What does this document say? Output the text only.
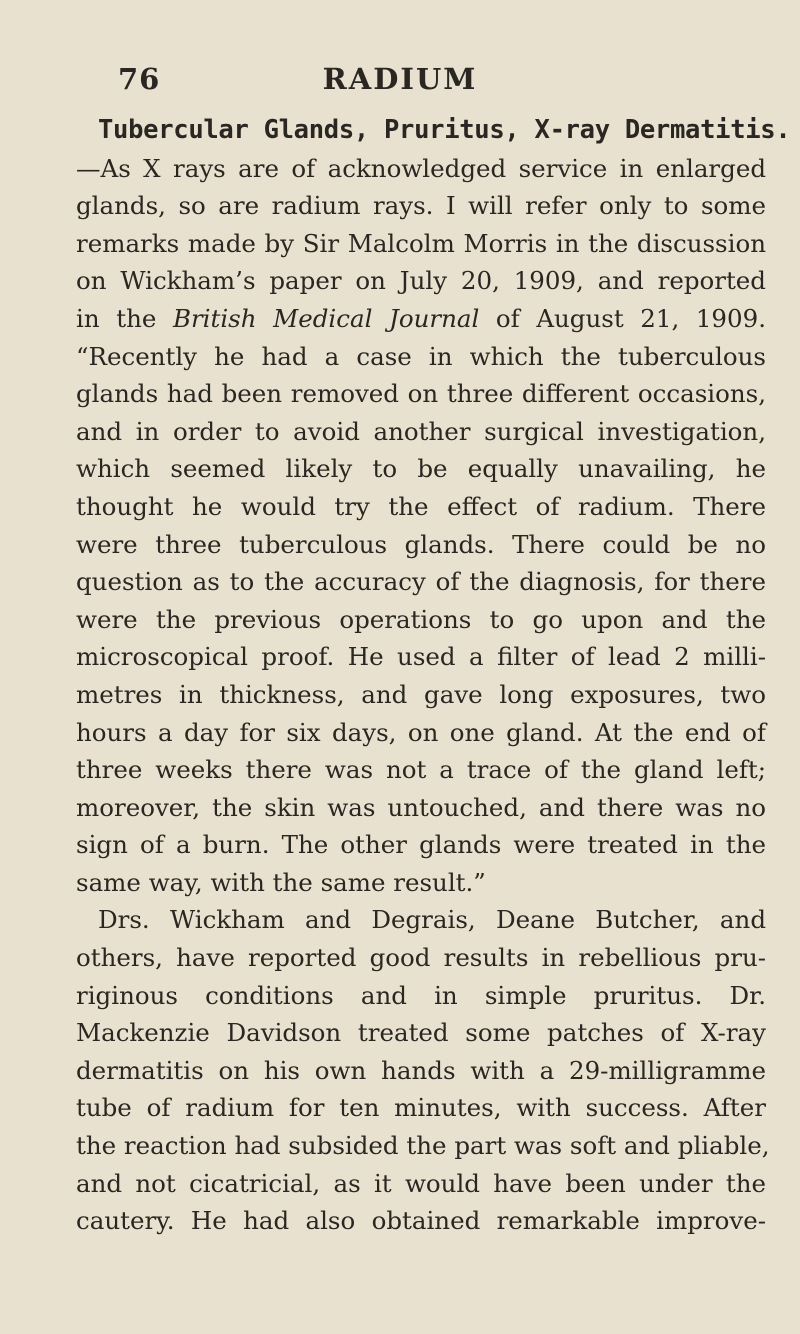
76	RADIUM
Tubercular Glands, Pruritus, X-ray Dermatitis.
—As X rays are of acknowledged service in enlarged
glands, so are radium rays. I will refer only to some
remarks made by Sir Malcolm Morris in the discussion
on Wickham’s paper on July 20, 1909, and reported
in the British Medical Journal of August 21, 1909.
“Recently he had a case in which the tuberculous
glands had been removed on three different occasions,
and in order to avoid another surgical investigation,
which seemed likely to be equally unavailing, he
thought he would try the effect of radium. There
were three tuberculous glands. There could be no
question as to the accuracy of the diagnosis, for there
were the previous operations to go upon and the
microscopical proof. He used a filter of lead 2 milli-
metres in thickness, and gave long exposures, two
hours a day for six days, on one gland. At the end of
three weeks there was not a trace of the gland left;
moreover, the skin was untouched, and there was no
sign of a burn. The other glands were treated in the
same way, with the same result.”
Drs. Wickham and Degrais, Deane Butcher, and
others, have reported good results in rebellious pru-
riginous conditions and in simple pruritus. Dr.
Mackenzie Davidson treated some patches of X-ray
dermatitis on his own hands with a 29-milligramme
tube of radium for ten minutes, with success. After
the reaction had subsided the part was soft and pliable,
and not cicatricial, as it would have been under the
cautery. He had also obtained remarkable improve-
